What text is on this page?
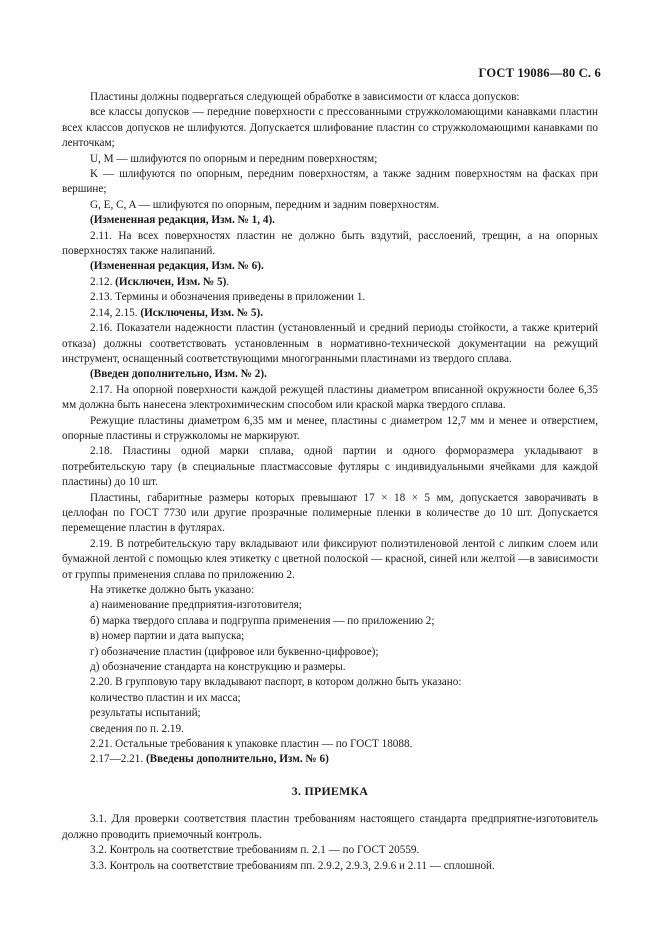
ГОСТ 19086—80 С. 6

Пластины должны подвергаться следующей обработке в зависимости от класса допусков:

все классы допусков — передние поверхности с прессованными стружколомающими канавками пластин всех классов допусков не шлифуются. Допускается шлифование пластин со стружколомающими канавками по ленточкам;

U, M — шлифуются по опорным и передним поверхностям;

K — шлифуются по опорным, передним поверхностям, а также задним поверхностям на фасках при вершине;

G, E, C, A — шлифуются по опорным, передним и задним поверхностям.

(Измененная редакция, Изм. № 1, 4).

2.11. На всех поверхностях пластин не должно быть вздутий, расслоений, трещин, а на опорных поверхностях также налипаний.

(Измененная редакция, Изм. № 6).

2.12. (Исключен, Изм. № 5).

2.13. Термины и обозначения приведены в приложении 1.

2.14, 2.15. (Исключены, Изм. № 5).

2.16. Показатели надежности пластин (установленный и средний периоды стойкости, а также критерий отказа) должны соответствовать установленным в нормативно-технической документации на режущий инструмент, оснащенный соответствующими многогранными пластинами из твердого сплава.

(Введен дополнительно, Изм. № 2).

2.17. На опорной поверхности каждой режущей пластины диаметром вписанной окружности более 6,35 мм должна быть нанесена электрохимическим способом или краской марка твердого сплава.

Режущие пластины диаметром 6,35 мм и менее, пластины с диаметром 12,7 мм и менее и отверстием, опорные пластины и стружколомы не маркируют.

2.18. Пластины одной марки сплава, одной партии и одного форморазмера укладывают в потребительскую тару (в специальные пластмассовые футляры с индивидуальными ячейками для каждой пластины) до 10 шт.

Пластины, габаритные размеры которых превышают 17 × 18 × 5 мм, допускается заворачивать в целлофан по ГОСТ 7730 или другие прозрачные полимерные пленки в количестве до 10 шт. Допускается перемещение пластин в футлярах.

2.19. В потребительскую тару вкладывают или фиксируют полиэтиленовой лентой с липким слоем или бумажной лентой с помощью клея этикетку с цветной полоской — красной, синей или желтой —в зависимости от группы применения сплава по приложению 2.

На этикетке должно быть указано:

а) наименование предприятия-изготовителя;

б) марка твердого сплава и подгруппа применения — по приложению 2;

в) номер партии и дата выпуска;

г) обозначение пластин (цифровое или буквенно-цифровое);

д) обозначение стандарта на конструкцию и размеры.

2.20. В групповую тару вкладывают паспорт, в котором должно быть указано:

количество пластин и их масса;

результаты испытаний;

сведения по п. 2.19.

2.21. Остальные требования к упаковке пластин — по ГОСТ 18088.

2.17—2.21. (Введены дополнительно, Изм. № 6)

3. ПРИЕМКА

3.1. Для проверки соответствия пластин требованиям настоящего стандарта предприятие-изготовитель должно проводить приемочный контроль.

3.2. Контроль на соответствие требованиям п. 2.1 — по ГОСТ 20559.

3.3. Контроль на соответствие требованиям пп. 2.9.2, 2.9.3, 2.9.6 и 2.11 — сплошной.
